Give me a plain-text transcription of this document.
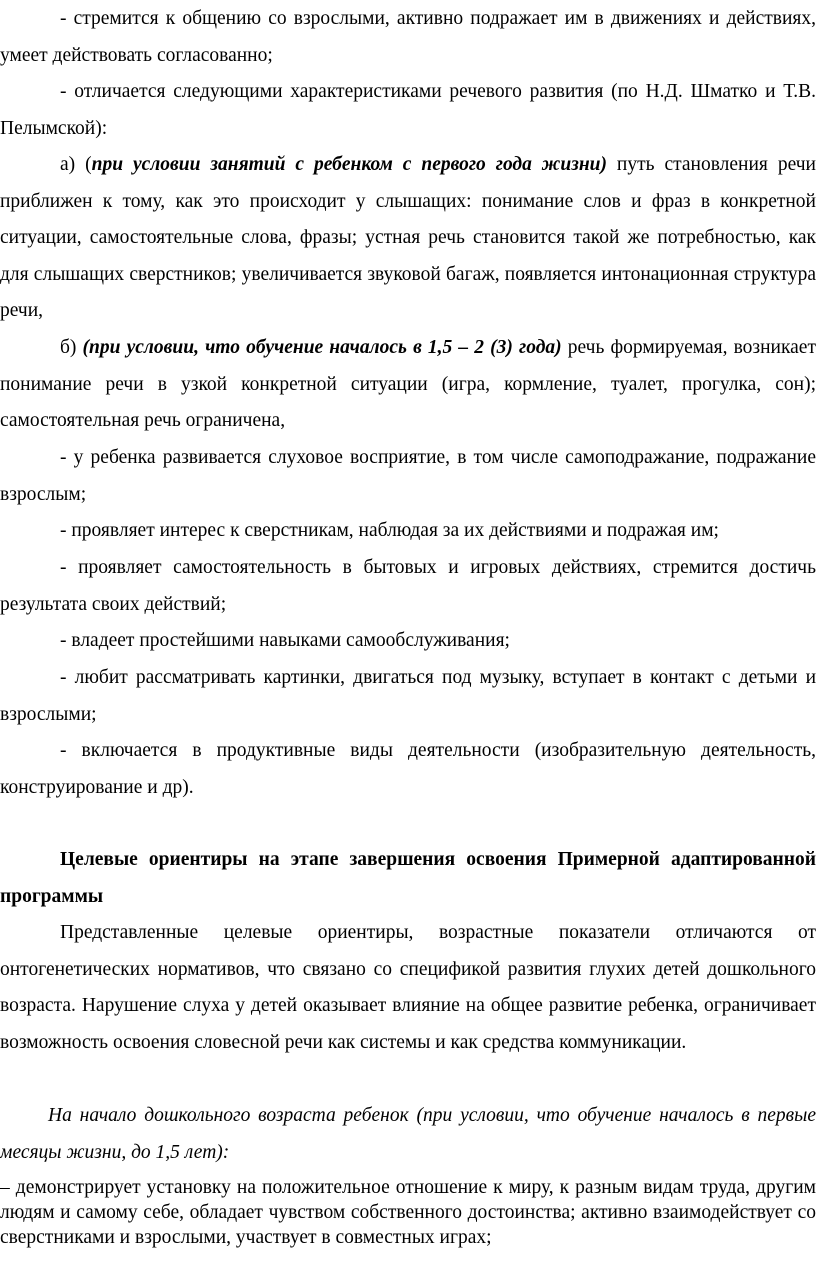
- стремится к общению со взрослыми, активно подражает им в движениях и действиях, умеет действовать согласованно;

- отличается следующими характеристиками речевого развития (по Н.Д. Шматко и Т.В. Пелымской):

а) (при условии занятий с ребенком с первого года жизни) путь становления речи приближен к тому, как это происходит у слышащих: понимание слов и фраз в конкретной ситуации, самостоятельные слова, фразы; устная речь становится такой же потребностью, как для слышащих сверстников; увеличивается звуковой багаж, появляется интонационная структура речи,

б) (при условии, что обучение началось в 1,5 – 2 (3) года) речь формируемая, возникает понимание речи в узкой конкретной ситуации (игра, кормление, туалет, прогулка, сон); самостоятельная речь ограничена,

- у ребенка развивается слуховое восприятие, в том числе самоподражание, подражание взрослым;

- проявляет интерес к сверстникам, наблюдая за их действиями и подражая им;

- проявляет самостоятельность в бытовых и игровых действиях, стремится достичь результата своих действий;

- владеет простейшими навыками самообслуживания;

- любит рассматривать картинки, двигаться под музыку, вступает в контакт с детьми и взрослыми;

- включается в продуктивные виды деятельности (изобразительную деятельность, конструирование и др).

Целевые ориентиры на этапе завершения освоения Примерной адаптированной программы

Представленные целевые ориентиры, возрастные показатели отличаются от онтогенетических нормативов, что связано со спецификой развития глухих детей дошкольного возраста. Нарушение слуха у детей оказывает влияние на общее развитие ребенка, ограничивает возможность освоения словесной речи как системы и как средства коммуникации.

На начало дошкольного возраста ребенок (при условии, что обучение началось в первые месяцы жизни, до 1,5 лет):

– демонстрирует установку на положительное отношение к миру, к разным видам труда, другим людям и самому себе, обладает чувством собственного достоинства; активно взаимодействует со сверстниками и взрослыми, участвует в совместных играх;
